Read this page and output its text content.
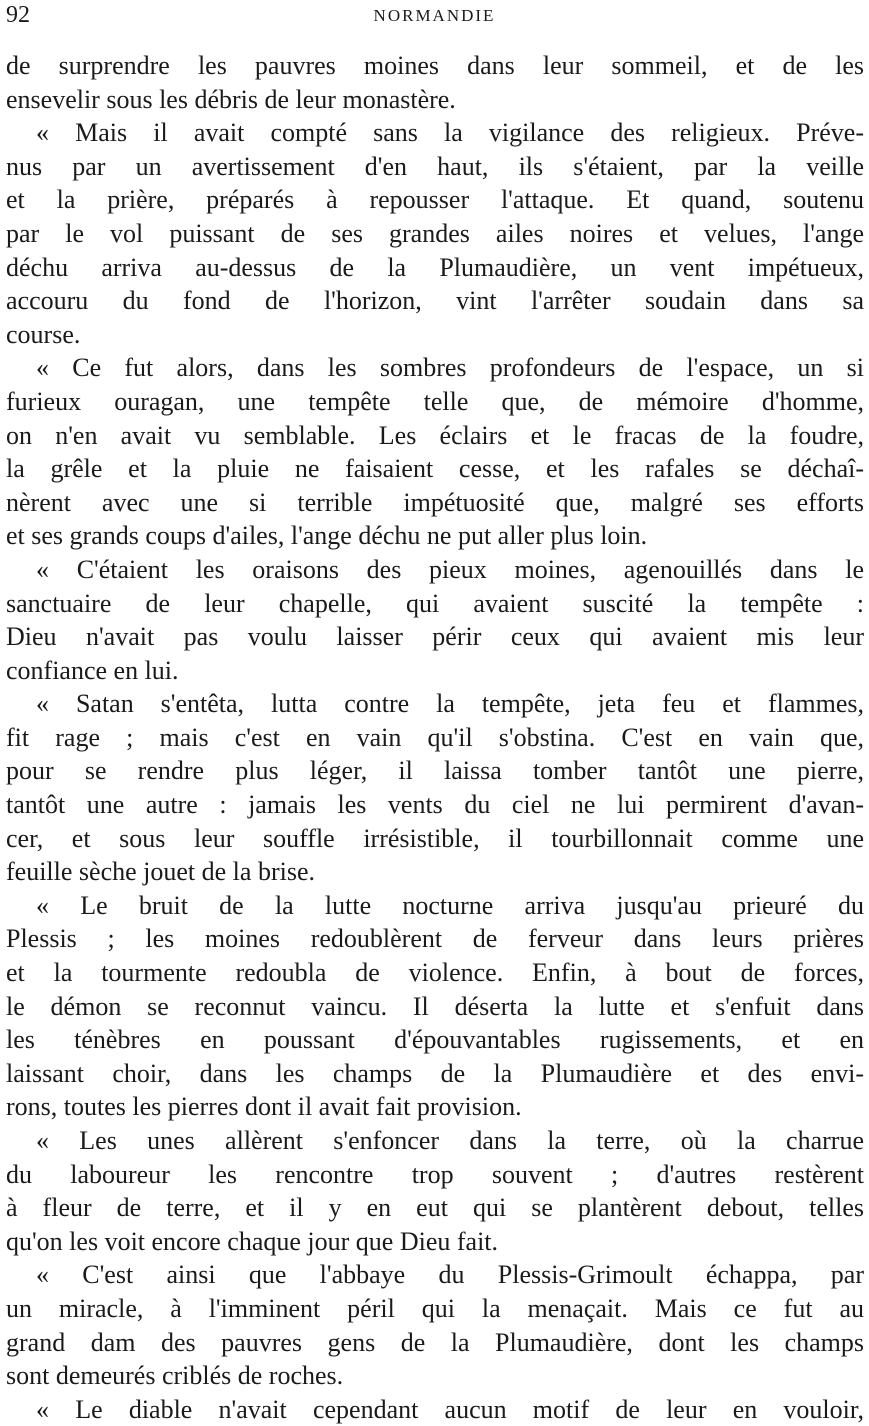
92	NORMANDIE
de surprendre les pauvres moines dans leur sommeil, et de les
ensevelir sous les débris de leur monastère.
« Mais il avait compté sans la vigilance des religieux. Préve-
nus par un avertissement d'en haut, ils s'étaient, par la veille
et la prière, préparés à repousser l'attaque. Et quand, soutenu
par le vol puissant de ses grandes ailes noires et velues, l'ange
déchu arriva au-dessus de la Plumaudière, un vent impétueux,
accouru du fond de l'horizon, vint l'arrêter soudain dans sa
course.
« Ce fut alors, dans les sombres profondeurs de l'espace, un si
furieux ouragan, une tempête telle que, de mémoire d'homme,
on n'en avait vu semblable. Les éclairs et le fracas de la foudre,
la grêle et la pluie ne faisaient cesse, et les rafales se déchaî-
nèrent avec une si terrible impétuosité que, malgré ses efforts
et ses grands coups d'ailes, l'ange déchu ne put aller plus loin.
« C'étaient les oraisons des pieux moines, agenouillés dans le
sanctuaire de leur chapelle, qui avaient suscité la tempête :
Dieu n'avait pas voulu laisser périr ceux qui avaient mis leur
confiance en lui.
« Satan s'entêta, lutta contre la tempête, jeta feu et flammes,
fit rage ; mais c'est en vain qu'il s'obstina. C'est en vain que,
pour se rendre plus léger, il laissa tomber tantôt une pierre,
tantôt une autre : jamais les vents du ciel ne lui permirent d'avan-
cer, et sous leur souffle irrésistible, il tourbillonnait comme une
feuille sèche jouet de la brise.
« Le bruit de la lutte nocturne arriva jusqu'au prieuré du
Plessis ; les moines redoublèrent de ferveur dans leurs prières
et la tourmente redoubla de violence. Enfin, à bout de forces,
le démon se reconnut vaincu. Il déserta la lutte et s'enfuit dans
les ténèbres en poussant d'épouvantables rugissements, et en
laissant choir, dans les champs de la Plumaudière et des envi-
rons, toutes les pierres dont il avait fait provision.
« Les unes allèrent s'enfoncer dans la terre, où la charrue
du laboureur les rencontre trop souvent ; d'autres restèrent
à fleur de terre, et il y en eut qui se plantèrent debout, telles
qu'on les voit encore chaque jour que Dieu fait.
« C'est ainsi que l'abbaye du Plessis-Grimoult échappa, par
un miracle, à l'imminent péril qui la menaçait. Mais ce fut au
grand dam des pauvres gens de la Plumaudière, dont les champs
sont demeurés criblés de roches.
« Le diable n'avait cependant aucun motif de leur en vouloir,
